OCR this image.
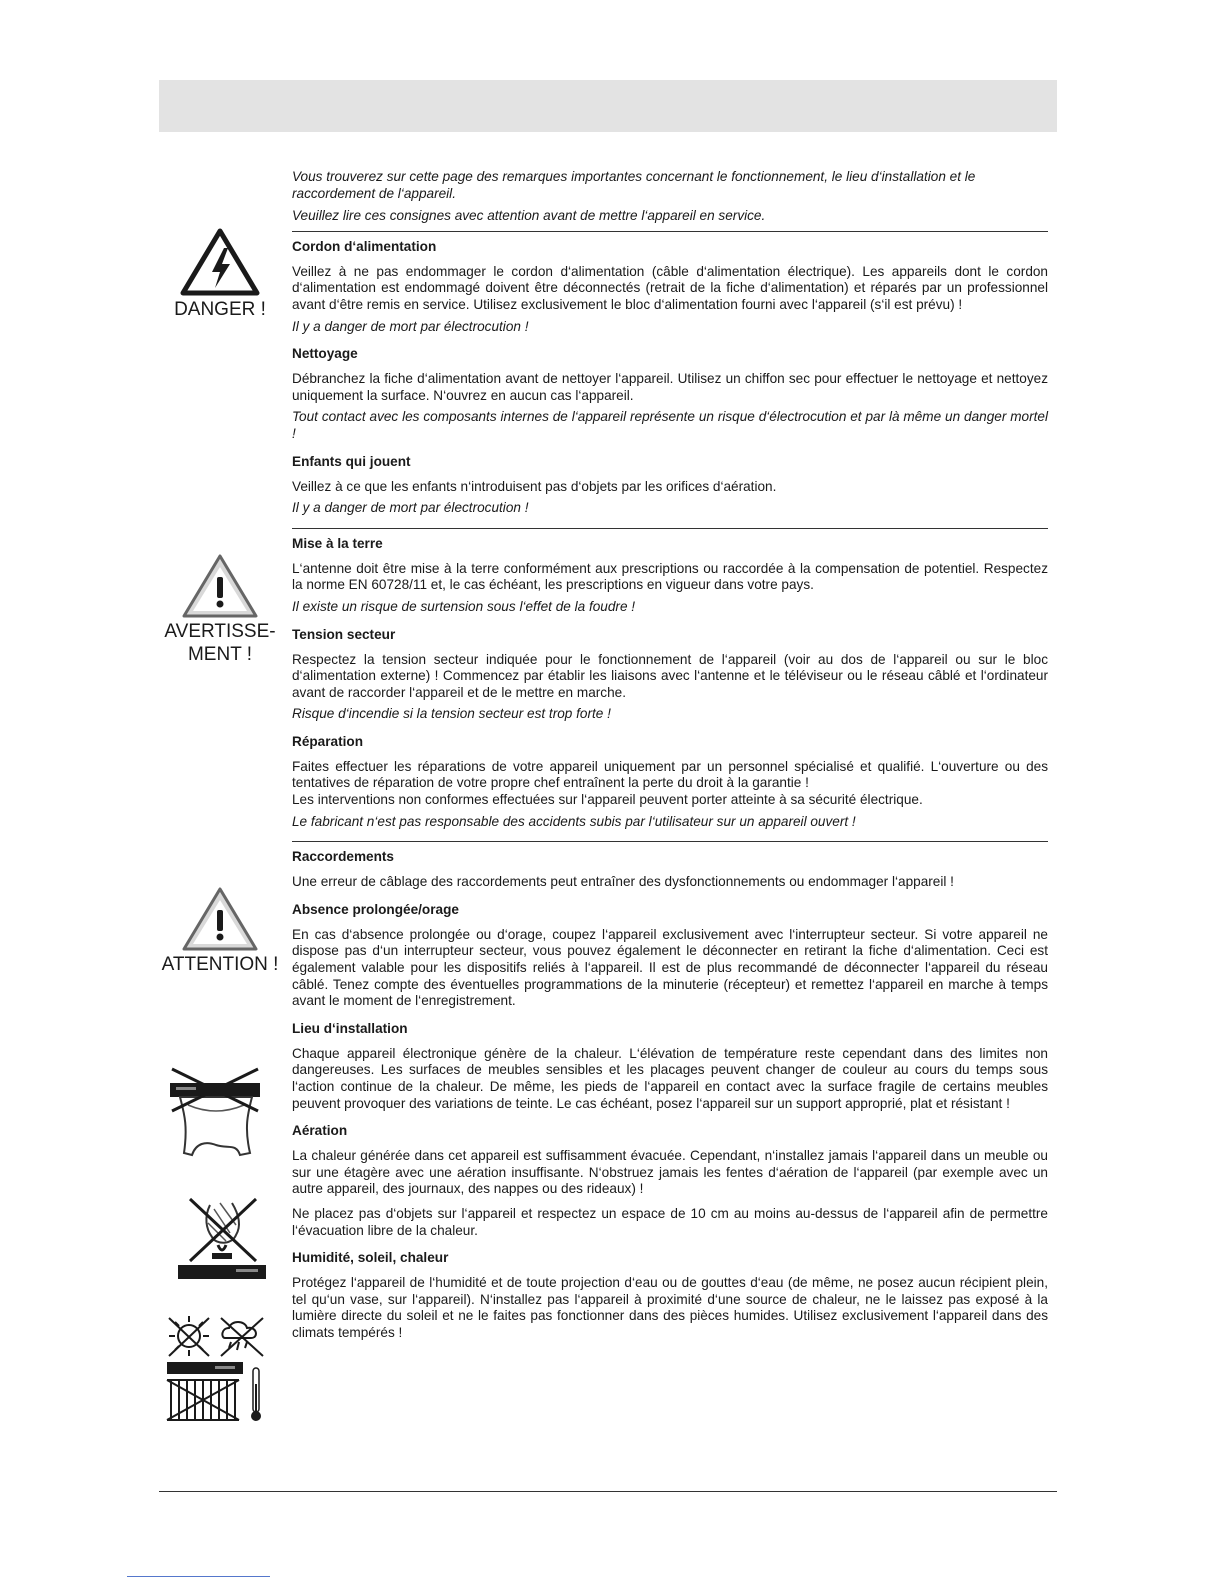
DANGER !
AVERTISSE-
MENT !
ATTENTION !

Vous trouverez sur cette page des remarques importantes concernant le fonctionnement, le lieu d‘installation et le raccordement de l‘appareil.

Veuillez lire ces consignes avec attention avant de mettre l‘appareil en service.

Cordon d‘alimentation

Veillez à ne pas endommager le cordon d‘alimentation (câble d‘alimentation électrique). Les appareils dont le cordon d‘alimentation est endommagé doivent être déconnectés (retrait de la fiche d‘alimentation) et réparés par un professionnel avant d‘être remis en service. Utilisez exclusivement le bloc d‘alimentation fourni avec l‘appareil (s‘il est prévu) !

Il y a danger de mort par électrocution !

Nettoyage

Débranchez la fiche d‘alimentation avant de nettoyer l‘appareil. Utilisez un chiffon sec pour effectuer le nettoyage et nettoyez uniquement la surface. N‘ouvrez en aucun cas l‘appareil.

Tout contact avec les composants internes de l‘appareil représente un risque d‘électrocution et par là même un danger mortel !

Enfants qui jouent

Veillez à ce que les enfants n‘introduisent pas d‘objets par les orifices d‘aération.

Il y a danger de mort par électrocution !

Mise à la terre

L‘antenne doit être mise à la terre conformément aux prescriptions ou raccordée à la compensation de potentiel. Respectez la norme EN 60728/11 et, le cas échéant, les prescriptions en vigueur dans votre pays.

Il existe un risque de surtension sous l‘effet de la foudre !

Tension secteur

Respectez la tension secteur indiquée pour le fonctionnement de l‘appareil (voir au dos de l‘appareil ou sur le bloc d‘alimentation externe) ! Commencez par établir les liaisons avec l‘antenne et le téléviseur ou le réseau câblé et l‘ordinateur avant de raccorder l‘appareil et de le mettre en marche.

Risque d‘incendie si la tension secteur est trop forte !

Réparation

Faites effectuer les réparations de votre appareil uniquement par un personnel spécialisé et qualifié. L‘ouverture ou des tentatives de réparation de votre propre chef entraînent la perte du droit à la garantie !
Les interventions non conformes effectuées sur l‘appareil peuvent porter atteinte à sa sécurité électrique.

Le fabricant n‘est pas responsable des accidents subis par l‘utilisateur sur un appareil ouvert !

Raccordements

Une erreur de câblage des raccordements peut entraîner des dysfonctionnements ou endommager l‘appareil !

Absence prolongée/orage

En cas d‘absence prolongée ou d‘orage, coupez l‘appareil exclusivement avec l‘interrupteur secteur. Si votre appareil ne dispose pas d‘un interrupteur secteur, vous pouvez également le déconnecter en retirant la fiche d‘alimentation. Ceci est également valable pour les dispositifs reliés à l‘appareil. Il est de plus recommandé de déconnecter l‘appareil du réseau câblé. Tenez compte des éventuelles programmations de la minuterie (récepteur) et remettez l‘appareil en marche à temps avant le moment de l‘enregistrement.

Lieu d‘installation

Chaque appareil électronique génère de la chaleur. L‘élévation de température reste cependant dans des limites non dangereuses. Les surfaces de meubles sensibles et les placages peuvent changer de couleur au cours du temps sous l‘action continue de la chaleur. De même, les pieds de l‘appareil en contact avec la surface fragile de certains meubles peuvent provoquer des variations de teinte. Le cas échéant, posez l‘appareil sur un support approprié, plat et résistant !

Aération

La chaleur générée dans cet appareil est suffisamment évacuée. Cependant, n‘installez jamais l‘appareil dans un meuble ou sur une étagère avec une aération insuffisante. N‘obstruez jamais les fentes d‘aération de l‘appareil (par exemple avec un autre appareil, des journaux, des nappes ou des rideaux) !

Ne placez pas d‘objets sur l‘appareil et respectez un espace de 10 cm au moins au-dessus de l‘appareil afin de permettre l‘évacuation libre de la chaleur.

Humidité, soleil, chaleur

Protégez l‘appareil de l‘humidité et de toute projection d‘eau ou de gouttes d‘eau (de même, ne posez aucun récipient plein, tel qu‘un vase, sur l‘appareil). N‘installez pas l‘appareil à proximité d‘une source de chaleur, ne le laissez pas exposé à la lumière directe du soleil et ne le faites pas fonctionner dans des pièces humides. Utilisez exclusivement l‘appareil dans des climats tempérés !
